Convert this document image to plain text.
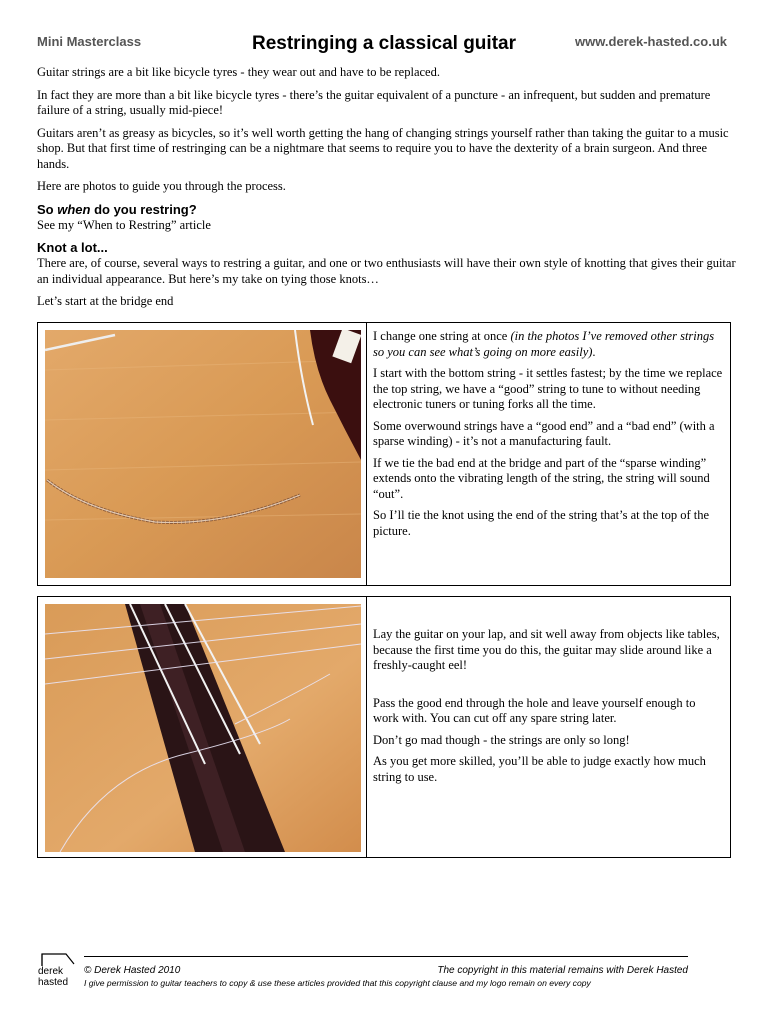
Mini Masterclass	Restringing a classical guitar	www.derek-hasted.co.uk

Guitar strings are a bit like bicycle tyres - they wear out and have to be replaced.

In fact they are more than a bit like bicycle tyres - there’s the guitar equivalent of a puncture - an infrequent, but sudden and premature failure of a string, usually mid-piece!

Guitars aren’t as greasy as bicycles, so it’s well worth getting the hang of changing strings yourself rather than taking the guitar to a music shop. But that first time of restringing can be a nightmare that seems to require you to have the dexterity of a brain surgeon. And three hands.

Here are photos to guide you through the process.

So when do you restring?

See my “When to Restring” article

Knot a lot...

There are, of course, several ways to restring a guitar, and one or two enthusiasts will have their own style of knotting that gives their guitar an individual appearance. But here’s my take on tying those knots…

Let’s start at the bridge end

I change one string at once (in the photos I’ve removed other strings so you can see what’s going on more easily).

I start with the bottom string - it settles fastest; by the time we replace the top string, we have a “good” string to tune to without needing electronic tuners or tuning forks all the time.

Some overwound strings have a “good end” and a “bad end” (with a sparse winding) - it’s not a manufacturing fault.

If we tie the bad end at the bridge and part of the “sparse winding” extends onto the vibrating length of the string, the string will sound “out”.

So I’ll tie the knot using the end of the string that’s at the top of the picture.

Lay the guitar on your lap, and sit well away from objects like tables, because the first time you do this, the guitar may slide around like a freshly-caught eel!

Pass the good end through the hole and leave yourself enough to work with. You can cut off any spare string later.

Don’t go mad though - the strings are only so long!

As you get more skilled, you’ll be able to judge exactly how much string to use.

derek
hasted
© Derek Hasted 2010	The copyright in this material remains with Derek Hasted
I give permission to guitar teachers to copy & use these articles provided that this copyright clause and my logo remain on every copy
